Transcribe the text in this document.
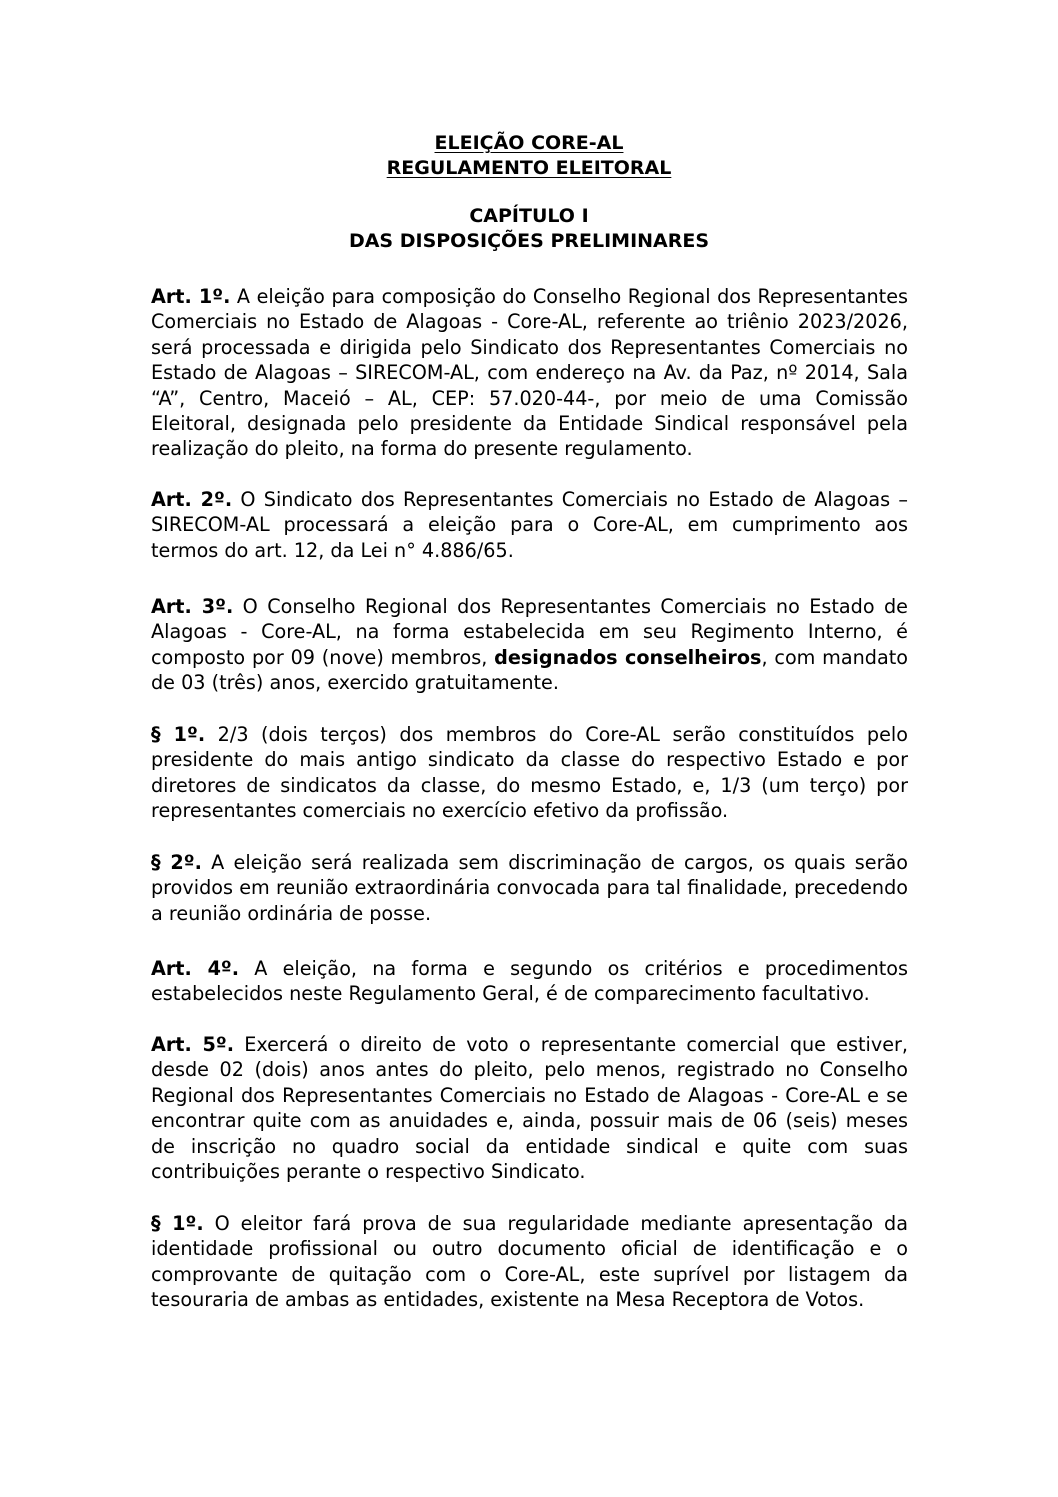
ELEIÇÃO CORE-AL
REGULAMENTO ELEITORAL
CAPÍTULO I
DAS DISPOSIÇÕES PRELIMINARES

Art. 1º. A eleição para composição do Conselho Regional dos Representantes Comerciais no Estado de Alagoas - Core-AL, referente ao triênio 2023/2026, será processada e dirigida pelo Sindicato dos Representantes Comerciais no Estado de Alagoas – SIRECOM-AL, com endereço na Av. da Paz, nº 2014, Sala “A”, Centro, Maceió – AL, CEP: 57.020-44-, por meio de uma Comissão Eleitoral, designada pelo presidente da Entidade Sindical responsável pela realização do pleito, na forma do presente regulamento.

Art. 2º. O Sindicato dos Representantes Comerciais no Estado de Alagoas – SIRECOM-AL processará a eleição para o Core-AL, em cumprimento aos termos do art. 12, da Lei n° 4.886/65.

Art. 3º. O Conselho Regional dos Representantes Comerciais no Estado de Alagoas - Core-AL, na forma estabelecida em seu Regimento Interno, é composto por 09 (nove) membros, designados conselheiros, com mandato de 03 (três) anos, exercido gratuitamente.

§ 1º. 2/3 (dois terços) dos membros do Core-AL serão constituídos pelo presidente do mais antigo sindicato da classe do respectivo Estado e por diretores de sindicatos da classe, do mesmo Estado, e, 1/3 (um terço) por representantes comerciais no exercício efetivo da profissão.

§ 2º. A eleição será realizada sem discriminação de cargos, os quais serão providos em reunião extraordinária convocada para tal finalidade, precedendo a reunião ordinária de posse.

Art. 4º. A eleição, na forma e segundo os critérios e procedimentos estabelecidos neste Regulamento Geral, é de comparecimento facultativo.

Art. 5º. Exercerá o direito de voto o representante comercial que estiver, desde 02 (dois) anos antes do pleito, pelo menos, registrado no Conselho Regional dos Representantes Comerciais no Estado de Alagoas - Core-AL e se encontrar quite com as anuidades e, ainda, possuir mais de 06 (seis) meses de inscrição no quadro social da entidade sindical e quite com suas contribuições perante o respectivo Sindicato.

§ 1º. O eleitor fará prova de sua regularidade mediante apresentação da identidade profissional ou outro documento oficial de identificação e o comprovante de quitação com o Core-AL, este suprível por listagem da tesouraria de ambas as entidades, existente na Mesa Receptora de Votos.
